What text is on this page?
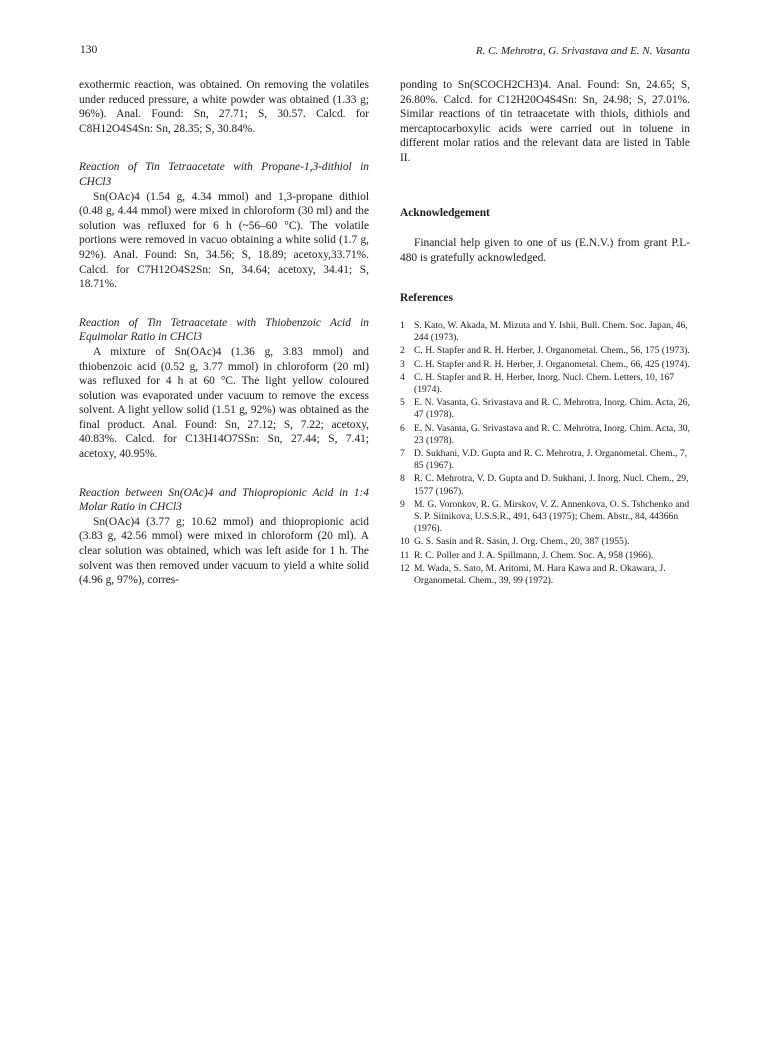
130	R. C. Mehrotra, G. Srivastava and E. N. Vasanta

exothermic reaction, was obtained. On removing the volatiles under reduced pressure, a white powder was obtained (1.33 g; 96%). Anal. Found: Sn, 27.71; S, 30.57. Calcd. for C8H12O4S4Sn: Sn, 28.35; S, 30.84%.

Reaction of Tin Tetraacetate with Propane-1,3-dithiol in CHCl3

Sn(OAc)4 (1.54 g, 4.34 mmol) and 1,3-propane dithiol (0.48 g, 4.44 mmol) were mixed in chloroform (30 ml) and the solution was refluxed for 6 h (~56–60 °C). The volatile portions were removed in vacuo obtaining a white solid (1.7 g, 92%). Anal. Found: Sn, 34.56; S, 18.89; acetoxy,33.71%. Calcd. for C7H12O4S2Sn: Sn, 34.64; acetoxy, 34.41; S, 18.71%.

Reaction of Tin Tetraacetate with Thiobenzoic Acid in Equimolar Ratio in CHCl3

A mixture of Sn(OAc)4 (1.36 g, 3.83 mmol) and thiobenzoic acid (0.52 g, 3.77 mmol) in chloroform (20 ml) was refluxed for 4 h at 60 °C. The light yellow coloured solution was evaporated under vacuum to remove the excess solvent. A light yellow solid (1.51 g, 92%) was obtained as the final product. Anal. Found: Sn, 27.12; S, 7.22; acetoxy, 40.83%. Calcd. for C13H14O7SSn: Sn, 27.44; S, 7.41; acetoxy, 40.95%.

Reaction between Sn(OAc)4 and Thiopropionic Acid in 1:4 Molar Ratio in CHCl3

Sn(OAc)4 (3.77 g; 10.62 mmol) and thiopropionic acid (3.83 g, 42.56 mmol) were mixed in chloroform (20 ml). A clear solution was obtained, which was left aside for 1 h. The solvent was then removed under vacuum to yield a white solid (4.96 g, 97%), corres-

ponding to Sn(SCOCH2CH3)4. Anal. Found: Sn, 24.65; S, 26.80%. Calcd. for C12H20O4S4Sn: Sn, 24.98; S, 27.01%. Similar reactions of tin tetraacetate with thiols, dithiols and mercaptocarboxylic acids were carried out in toluene in different molar ratios and the relevant data are listed in Table II.

Acknowledgement

Financial help given to one of us (E.N.V.) from grant P.L-480 is gratefully acknowledged.

References

1 S. Kato, W. Akada, M. Mizuta and Y. Ishii, Bull. Chem. Soc. Japan, 46, 244 (1973).
2 C. H. Stapfer and R. H. Herber, J. Organometal. Chem., 56, 175 (1973).
3 C. H. Stapfer and R. H. Herber, J. Organometal. Chem., 66, 425 (1974).
4 C. H. Stapfer and R. H. Herber, Inorg. Nucl. Chem. Letters, 10, 167 (1974).
5 E. N. Vasanta, G. Srivastava and R. C. Mehrotra, Inorg. Chim. Acta, 26, 47 (1978).
6 E. N. Vasanta, G. Srivastava and R. C. Mehrotra, Inorg. Chim. Acta, 30, 23 (1978).
7 D. Sukhani, V.D. Gupta and R. C. Mehrotra, J. Organometal. Chem., 7, 85 (1967).
8 R. C. Mehrotra, V. D. Gupta and D. Sukhani, J. Inorg. Nucl. Chem., 29, 1577 (1967).
9 M. G. Voronkov, R. G. Mirskov, V. Z. Annenkova, O. S. Tshchenko and S. P. Sitnikova, U.S.S.R., 491, 643 (1975); Chem. Abstr., 84, 44366n (1976).
10 G. S. Sasin and R. Sasin, J. Org. Chem., 20, 387 (1955).
11 R. C. Poller and J. A. Spillmann, J. Chem. Soc. A, 958 (1966).
12 M. Wada, S. Sato, M. Aritomi, M. Hara Kawa and R. Okawara, J. Organometal. Chem., 39, 99 (1972).
